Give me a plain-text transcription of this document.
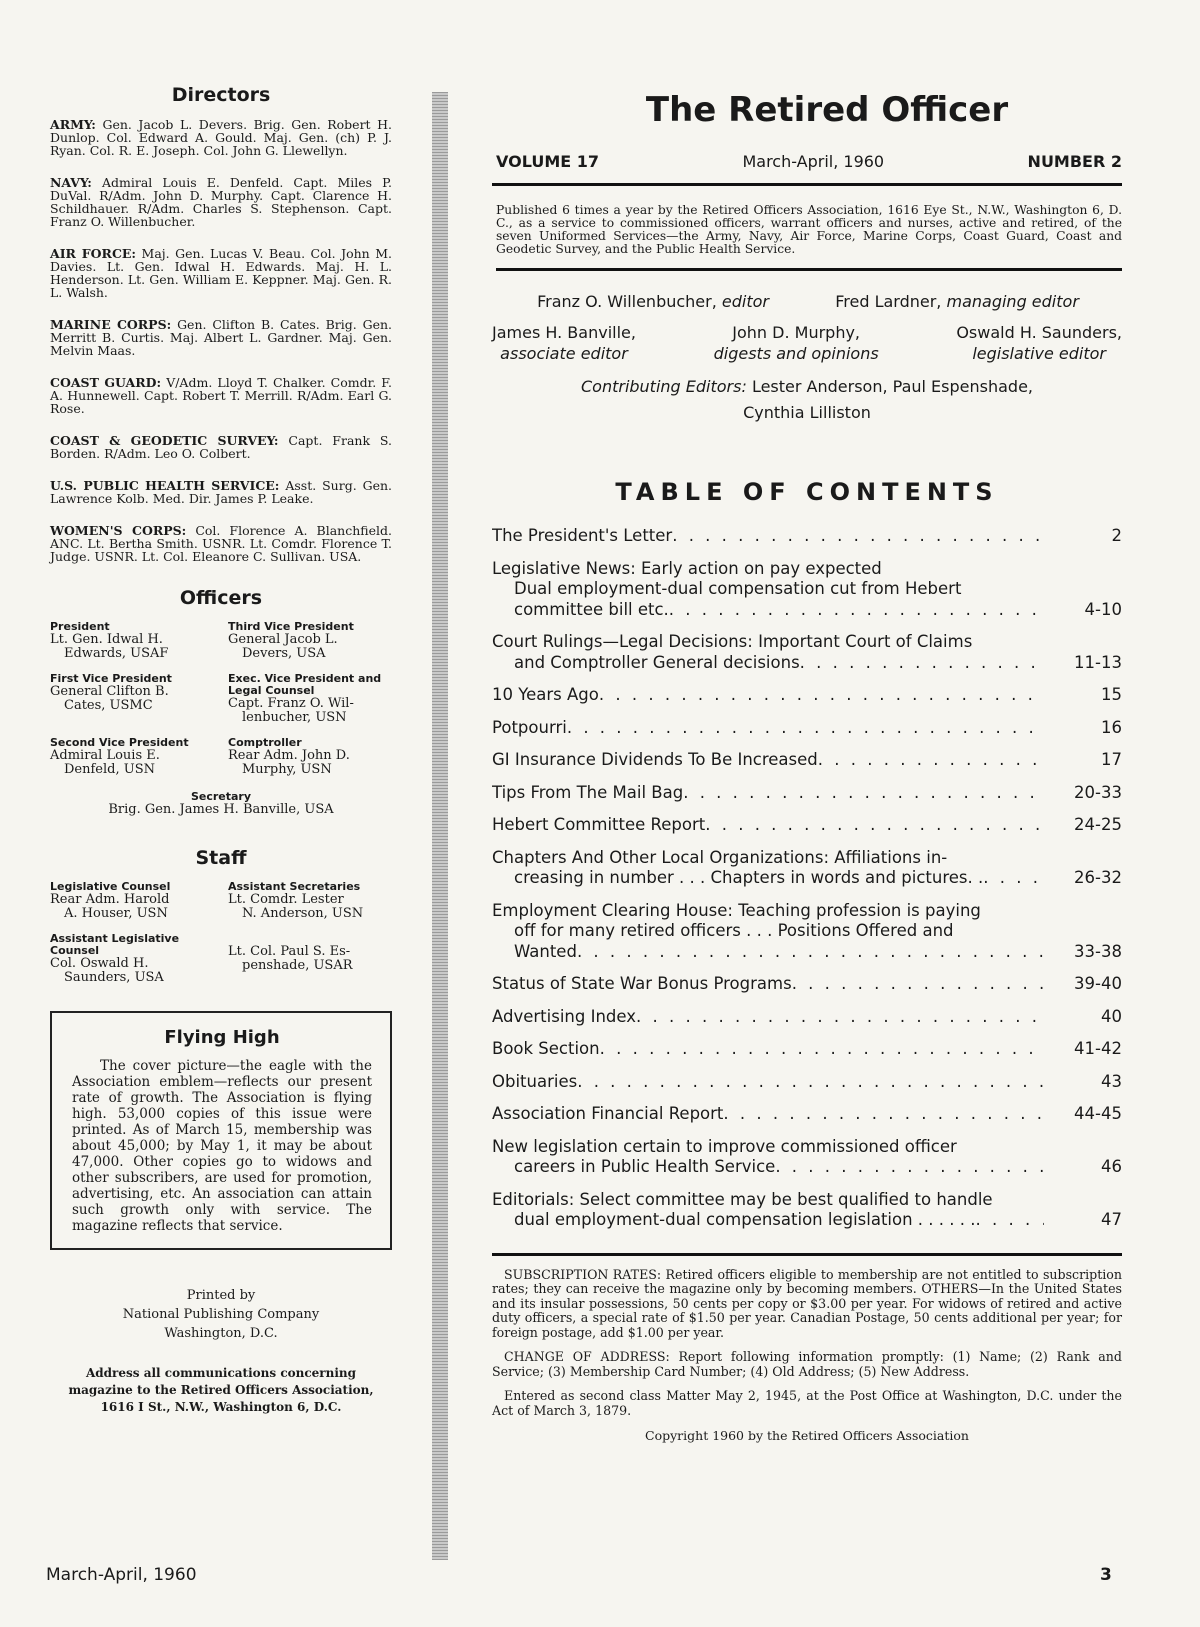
Directors

ARMY: Gen. Jacob L. Devers. Brig. Gen. Robert H. Dunlop. Col. Edward A. Gould. Maj. Gen. (ch) P. J. Ryan. Col. R. E. Joseph. Col. John G. Llewellyn.

NAVY: Admiral Louis E. Denfeld. Capt. Miles P. DuVal. R/Adm. John D. Murphy. Capt. Clarence H. Schildhauer. R/Adm. Charles S. Stephenson. Capt. Franz O. Willenbucher.

AIR FORCE: Maj. Gen. Lucas V. Beau. Col. John M. Davies. Lt. Gen. Idwal H. Edwards. Maj. H. L. Henderson. Lt. Gen. William E. Keppner. Maj. Gen. R. L. Walsh.

MARINE CORPS: Gen. Clifton B. Cates. Brig. Gen. Merritt B. Curtis. Maj. Albert L. Gardner. Maj. Gen. Melvin Maas.

COAST GUARD: V/Adm. Lloyd T. Chalker. Comdr. F. A. Hunnewell. Capt. Robert T. Merrill. R/Adm. Earl G. Rose.

COAST & GEODETIC SURVEY: Capt. Frank S. Borden. R/Adm. Leo O. Colbert.

U.S. PUBLIC HEALTH SERVICE: Asst. Surg. Gen. Lawrence Kolb. Med. Dir. James P. Leake.

WOMEN'S CORPS: Col. Florence A. Blanchfield. ANC. Lt. Bertha Smith. USNR. Lt. Comdr. Florence T. Judge. USNR. Lt. Col. Eleanore C. Sullivan. USA.

Officers
President
Lt. Gen. Idwal H.
Edwards, USAF
Third Vice President
General Jacob L.
Devers, USA
First Vice President
General Clifton B.
Cates, USMC
Exec. Vice President and Legal Counsel
Capt. Franz O. Wil-
lenbucher, USN
Second Vice President
Admiral Louis E.
Denfeld, USN
Comptroller
Rear Adm. John D.
Murphy, USN
Secretary
Brig. Gen. James H. Banville, USA
Staff
Legislative Counsel
Rear Adm. Harold
A. Houser, USN
Assistant Secretaries
Lt. Comdr. Lester
N. Anderson, USN
Assistant Legislative Counsel
Col. Oswald H.
Saunders, USA
Lt. Col. Paul S. Es-
penshade, USAR
Flying High

The cover picture—the eagle with the Association emblem—reflects our present rate of growth. The Association is flying high. 53,000 copies of this issue were printed. As of March 15, membership was about 45,000; by May 1, it may be about 47,000. Other copies go to widows and other subscribers, are used for promotion, advertising, etc. An association can attain such growth only with service. The magazine reflects that service.

Printed by
National Publishing Company
Washington, D.C.
Address all communications concerning
magazine to the Retired Officers Association,
1616 I St., N.W., Washington 6, D.C.
The Retired Officer
VOLUME 17	March-April, 1960	NUMBER 2
Published 6 times a year by the Retired Officers Association, 1616 Eye St., N.W., Washington 6, D. C., as a service to commissioned officers, warrant officers and nurses, active and retired, of the seven Uniformed Services—the Army, Navy, Air Force, Marine Corps, Coast Guard, Coast and Geodetic Survey, and the Public Health Service.
Franz O. Willenbucher, editor	Fred Lardner, managing editor
James H. Banville,
associate editor
John D. Murphy,
digests and opinions
Oswald H. Saunders,
legislative editor
Contributing Editors: Lester Anderson, Paul Espenshade,
Cynthia Lilliston
TABLE OF CONTENTS
The President's Letter . . .	2
Legislative News: Early action on pay expected
Dual employment-dual compensation cut from Hebert
committee bill etc. . . .	4-10
Court Rulings—Legal Decisions: Important Court of Claims
and Comptroller General decisions . . .	11-13
10 Years Ago . . .	15
Potpourri . . .	16
GI Insurance Dividends To Be Increased . . .	17
Tips From The Mail Bag . . .	20-33
Hebert Committee Report . . .	24-25
Chapters And Other Local Organizations: Affiliations in-
creasing in number . . . Chapters in words and pictures. . . . .	26-32
Employment Clearing House: Teaching profession is paying
off for many retired officers . . . Positions Offered and
Wanted . . .	33-38
Status of State War Bonus Programs . . .	39-40
Advertising Index . . .	40
Book Section . . .	41-42
Obituaries . . .	43
Association Financial Report . . .	44-45
New legislation certain to improve commissioned officer
careers in Public Health Service . . .	46
Editorials: Select committee may be best qualified to handle
dual employment-dual compensation legislation . . . . . . . . .	47

SUBSCRIPTION RATES: Retired officers eligible to membership are not entitled to subscription rates; they can receive the magazine only by becoming members. OTHERS—In the United States and its insular possessions, 50 cents per copy or $3.00 per year. For widows of retired and active duty officers, a special rate of $1.50 per year. Canadian Postage, 50 cents additional per year; for foreign postage, add $1.00 per year.

CHANGE OF ADDRESS: Report following information promptly: (1) Name; (2) Rank and Service; (3) Membership Card Number; (4) Old Address; (5) New Address.

Entered as second class Matter May 2, 1945, at the Post Office at Washington, D.C. under the Act of March 3, 1879.

Copyright 1960 by the Retired Officers Association
March-April, 1960	3
